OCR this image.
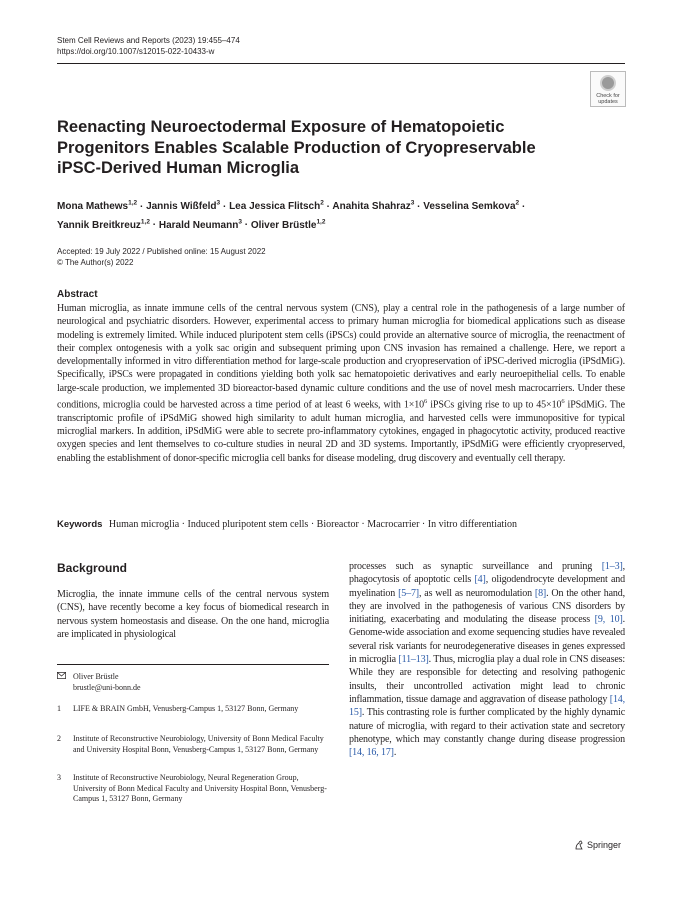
Stem Cell Reviews and Reports (2023) 19:455–474
https://doi.org/10.1007/s12015-022-10433-w
Check for
updates
Reenacting Neuroectodermal Exposure of Hematopoietic Progenitors Enables Scalable Production of Cryopreservable iPSC-Derived Human Microglia
Mona Mathews$^{1,2}$ · Jannis Wißfeld$^3$ · Lea Jessica Flitsch$^2$ · Anahita Shahraz$^3$ · Vesselina Semkova$^2$ ·
Yannik Breitkreuz$^{1,2}$ · Harald Neumann$^3$ · Oliver Brüstle$^{1,2}$
Accepted: 19 July 2022 / Published online: 15 August 2022
© The Author(s) 2022
Abstract
Human microglia, as innate immune cells of the central nervous system (CNS), play a central role in the pathogenesis of a large number of neurological and psychiatric disorders. However, experimental access to primary human microglia for biomedical applications such as disease modeling is extremely limited. While induced pluripotent stem cells (iPSCs) could provide an alternative source of microglia, the reenactment of their complex ontogenesis with a yolk sac origin and subsequent priming upon CNS invasion has remained a challenge. Here, we report a developmentally informed in vitro differentiation method for large-scale production and cryopreservation of iPSC-derived microglia (iPSdMiG). Specifically, iPSCs were propagated in conditions yielding both yolk sac hematopoietic derivatives and early neuroepithelial cells. To enable large-scale production, we implemented 3D bioreactor-based dynamic culture conditions and the use of novel mesh macrocarriers. Under these conditions, microglia could be harvested across a time period of at least 6 weeks, with $1\times 10^6$ iPSCs giving rise to up to $45\times 10^6$ iPSdMiG. The transcriptomic profile of iPSdMiG showed high similarity to adult human microglia, and harvested cells were immunopositive for typical microglial markers. In addition, iPSdMiG were able to secrete pro-inflammatory cytokines, engaged in phagocytotic activity, produced reactive oxygen species and lent themselves to co-culture studies in neural 2D and 3D systems. Importantly, iPSdMiG were efficiently cryopreserved, enabling the establishment of donor-specific microglia cell banks for disease modeling, drug discovery and eventually cell therapy.
Keywords Human microglia · Induced pluripotent stem cells · Bioreactor · Macrocarrier · In vitro differentiation
Background
Microglia, the innate immune cells of the central nervous system (CNS), have recently become a key focus of biomedical research in nervous system homeostasis and disease. On the one hand, microglia are implicated in physiological
processes such as synaptic surveillance and pruning [1–3], phagocytosis of apoptotic cells [4], oligodendrocyte development and myelination [5–7], as well as neuromodulation [8]. On the other hand, they are involved in the pathogenesis of various CNS disorders by initiating, exacerbating and modulating the disease process [9, 10]. Genome-wide association and exome sequencing studies have revealed several risk variants for neurodegenerative diseases in genes expressed in microglia [11–13]. Thus, microglia play a dual role in CNS diseases: While they are responsible for detecting and resolving pathogenic insults, their uncontrolled activation might lead to chronic inflammation, tissue damage and aggravation of disease pathology [14, 15]. This contrasting role is further complicated by the highly dynamic nature of microglia, with regard to their activation state and secretory phenotype, which may constantly change during disease progression [14, 16, 17].
Oliver Brüstle
brustle@uni-bonn.de
1 LIFE & BRAIN GmbH, Venusberg-Campus 1, 53127 Bonn, Germany
2 Institute of Reconstructive Neurobiology, University of Bonn Medical Faculty and University Hospital Bonn, Venusberg-Campus 1, 53127 Bonn, Germany
3 Institute of Reconstructive Neurobiology, Neural Regeneration Group, University of Bonn Medical Faculty and University Hospital Bonn, Venusberg-Campus 1, 53127 Bonn, Germany
Springer
